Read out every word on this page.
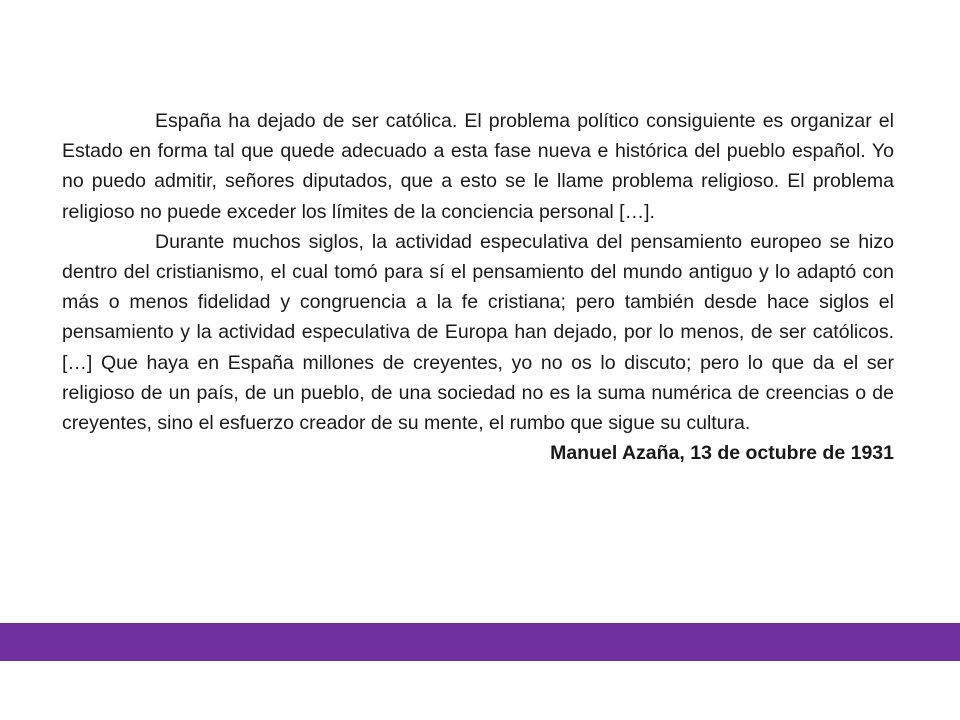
España ha dejado de ser católica. El problema político consiguiente es organizar el Estado en forma tal que quede adecuado a esta fase nueva e histórica del pueblo español. Yo no puedo admitir, señores diputados, que a esto se le llame problema religioso. El problema religioso no puede exceder los límites de la conciencia personal […].

Durante muchos siglos, la actividad especulativa del pensamiento europeo se hizo dentro del cristianismo, el cual tomó para sí el pensamiento del mundo antiguo y lo adaptó con más o menos fidelidad y congruencia a la fe cristiana; pero también desde hace siglos el pensamiento y la actividad especulativa de Europa han dejado, por lo menos, de ser católicos. […] Que haya en España millones de creyentes, yo no os lo discuto; pero lo que da el ser religioso de un país, de un pueblo, de una sociedad no es la suma numérica de creencias o de creyentes, sino el esfuerzo creador de su mente, el rumbo que sigue su cultura.

Manuel Azaña, 13 de octubre de 1931
